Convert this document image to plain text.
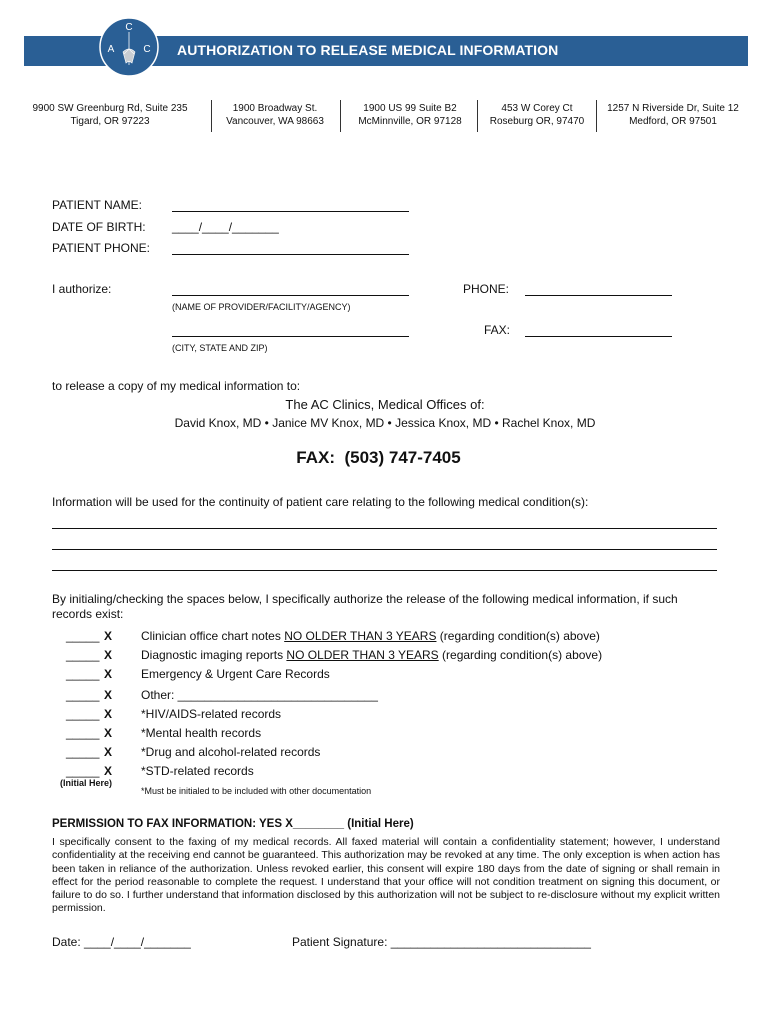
C
A	C AUTHORIZATION TO RELEASE MEDICAL INFORMATION
9900 SW Greenburg Rd, Suite 235
Tigard, OR 97223
1900 Broadway St.
Vancouver, WA 98663
1900 US 99 Suite B2
McMinnville, OR 97128
453 W Corey Ct
Roseburg OR, 97470
1257 N Riverside Dr, Suite 12
Medford, OR 97501
PATIENT NAME:
DATE OF BIRTH: ____/____/_______
PATIENT PHONE:
I authorize:
(NAME OF PROVIDER/FACILITY/AGENCY)
PHONE:
(CITY, STATE AND ZIP)
FAX:
to release a copy of my medical information to:
The AC Clinics, Medical Offices of:
David Knox, MD • Janice MV Knox, MD • Jessica Knox, MD • Rachel Knox, MD
FAX:  (503) 747-7405
Information will be used for the continuity of patient care relating to the following medical condition(s):
By initialing/checking the spaces below, I specifically authorize the release of the following medical information, if such records exist:
_____ X Clinician office chart notes NO OLDER THAN 3 YEARS (regarding condition(s) above)
_____ X Diagnostic imaging reports NO OLDER THAN 3 YEARS (regarding condition(s) above)
_____ X Emergency & Urgent Care Records
_____ X Other: ______________________________
_____ X *HIV/AIDS-related records
_____ X *Mental health records
_____ X *Drug and alcohol-related records
_____ X *STD-related records
(Initial Here)
*Must be initialed to be included with other documentation
PERMISSION TO FAX INFORMATION: YES X________ (Initial Here)
I specifically consent to the faxing of my medical records. All faxed material will contain a confidentiality statement; however, I understand confidentiality at the receiving end cannot be guaranteed. This authorization may be revoked at any time. The only exception is when action has been taken in reliance of the authorization. Unless revoked earlier, this consent will expire 180 days from the date of signing or shall remain in effect for the period reasonable to complete the request. I understand that your office will not condition treatment on signing this document, or failure to do so. I further understand that information disclosed by this authorization will not be subject to re-disclosure without my explicit written permission.
Date: ____/____/_______	Patient Signature: ______________________________
